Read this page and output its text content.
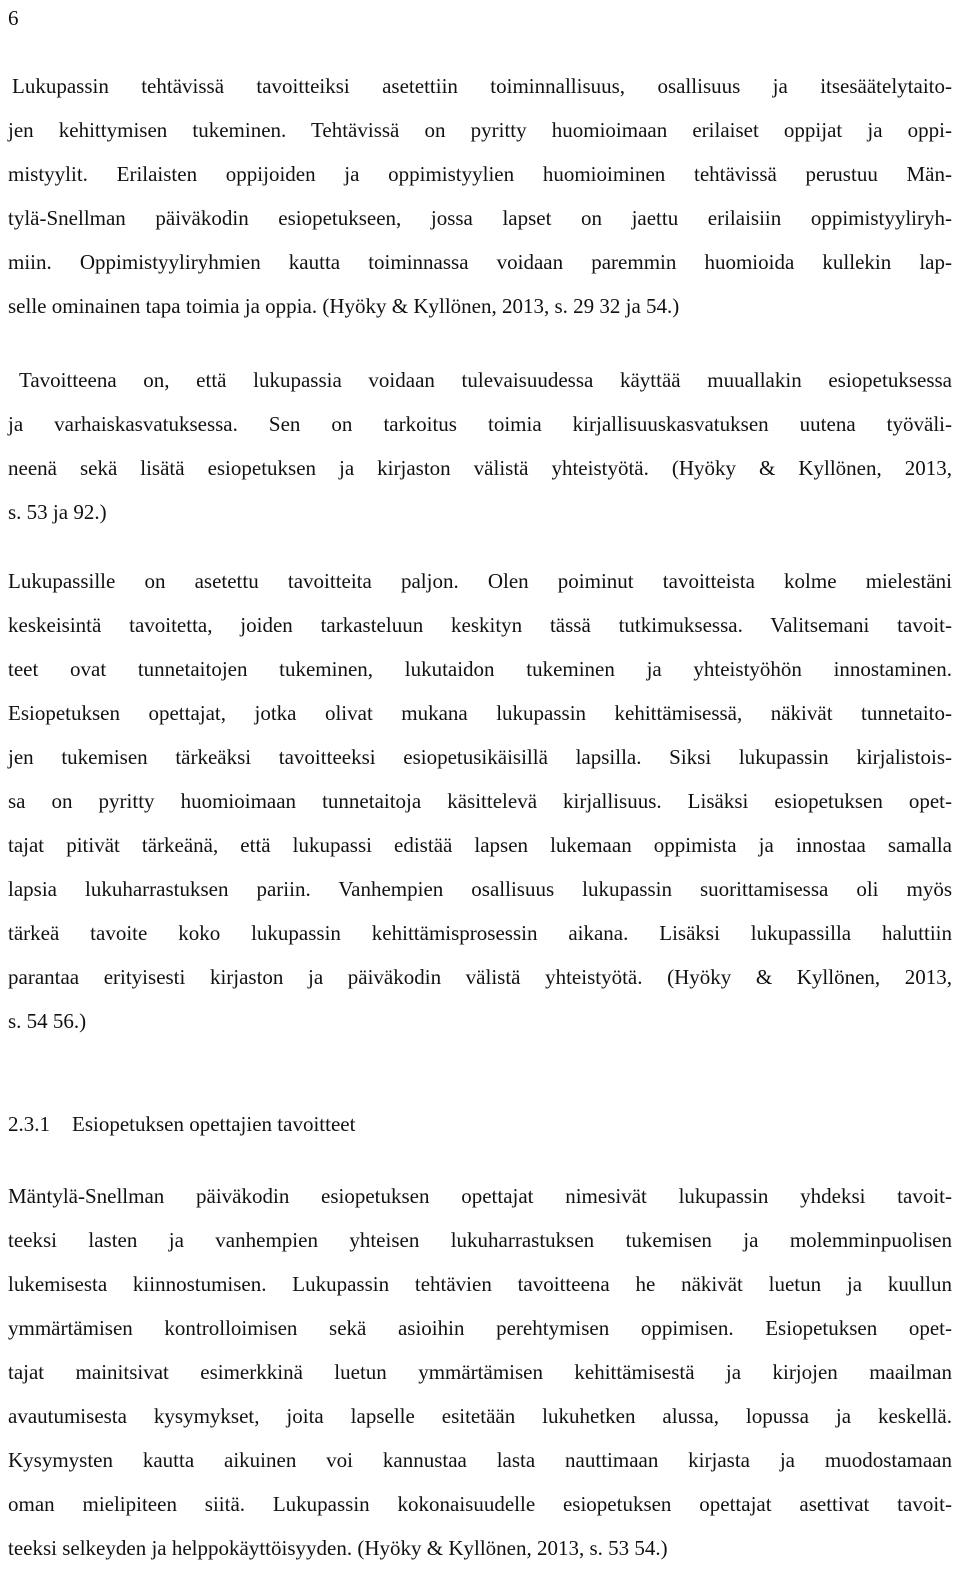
6
Lukupassin tehtävissä tavoitteiksi asetettiin toiminnallisuus, osallisuus ja itsesäätelytaito-
jen kehittymisen tukeminen. Tehtävissä on pyritty huomioimaan erilaiset oppijat ja oppi-
mistyylit. Erilaisten oppijoiden ja oppimistyylien huomioiminen tehtävissä perustuu Män-
tylä-Snellman päiväkodin esiopetukseen, jossa lapset on jaettu erilaisiin oppimistyyliryh-
miin. Oppimistyyliryhmien kautta toiminnassa voidaan paremmin huomioida kullekin lap-
selle ominainen tapa toimia ja oppia. (Hyöky & Kyllönen, 2013, s. 29 32 ja 54.)
Tavoitteena on, että lukupassia voidaan tulevaisuudessa käyttää muuallakin esiopetuksessa
ja varhaiskasvatuksessa. Sen on tarkoitus toimia kirjallisuuskasvatuksen uutena työväli-
neenä sekä lisätä esiopetuksen ja kirjaston välistä yhteistyötä. (Hyöky & Kyllönen, 2013,
s. 53 ja 92.)
Lukupassille on asetettu tavoitteita paljon. Olen poiminut tavoitteista kolme mielestäni
keskeisintä tavoitetta, joiden tarkasteluun keskityn tässä tutkimuksessa. Valitsemani tavoit-
teet ovat tunnetaitojen tukeminen, lukutaidon tukeminen ja yhteistyöhön innostaminen.
Esiopetuksen opettajat, jotka olivat mukana lukupassin kehittämisessä, näkivät tunnetaito-
jen tukemisen tärkeäksi tavoitteeksi esiopetusikäisillä lapsilla. Siksi lukupassin kirjalistois-
sa on pyritty huomioimaan tunnetaitoja käsittelevä kirjallisuus. Lisäksi esiopetuksen opet-
tajat pitivät tärkeänä, että lukupassi edistää lapsen lukemaan oppimista ja innostaa samalla
lapsia lukuharrastuksen pariin. Vanhempien osallisuus lukupassin suorittamisessa oli myös
tärkeä tavoite koko lukupassin kehittämisprosessin aikana. Lisäksi lukupassilla haluttiin
parantaa erityisesti kirjaston ja päiväkodin välistä yhteistyötä. (Hyöky & Kyllönen, 2013,
s. 54 56.)
2.3.1 Esiopetuksen opettajien tavoitteet
Mäntylä-Snellman päiväkodin esiopetuksen opettajat nimesivät lukupassin yhdeksi tavoit-
teeksi lasten ja vanhempien yhteisen lukuharrastuksen tukemisen ja molemminpuolisen
lukemisesta kiinnostumisen. Lukupassin tehtävien tavoitteena he näkivät luetun ja kuullun
ymmärtämisen kontrolloimisen sekä asioihin perehtymisen oppimisen. Esiopetuksen opet-
tajat mainitsivat esimerkkinä luetun ymmärtämisen kehittämisestä ja kirjojen maailman
avautumisesta kysymykset, joita lapselle esitetään lukuhetken alussa, lopussa ja keskellä.
Kysymysten kautta aikuinen voi kannustaa lasta nauttimaan kirjasta ja muodostamaan
oman mielipiteen siitä. Lukupassin kokonaisuudelle esiopetuksen opettajat asettivat tavoit-
teeksi selkeyden ja helppokäyttöisyyden. (Hyöky & Kyllönen, 2013, s. 53 54.)
